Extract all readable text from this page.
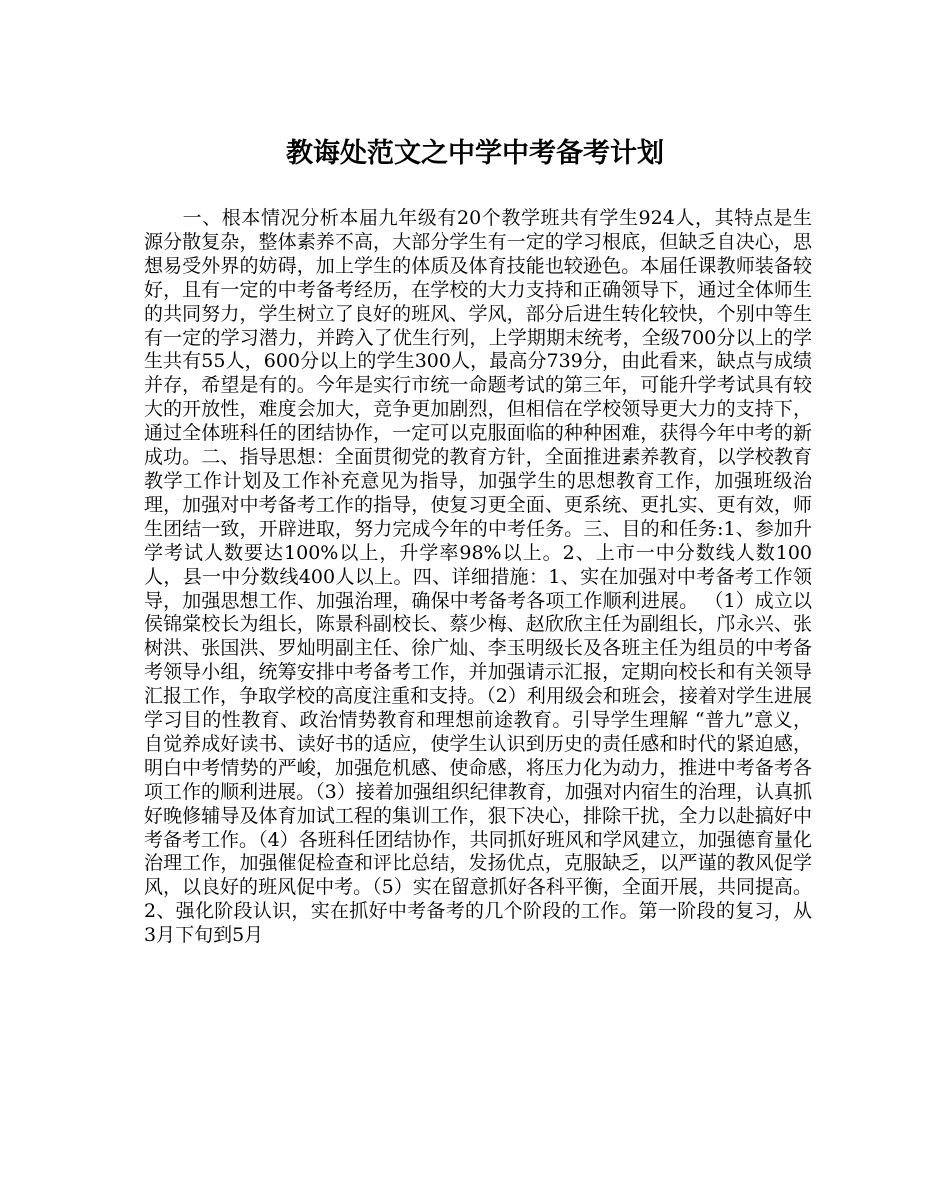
教诲处范文之中学中考备考计划

一、根本情况分析本届九年级有20个教学班共有学生924人，其特点是生源分散复杂，整体素养不高，大部分学生有一定的学习根底，但缺乏自决心，思想易受外界的妨碍，加上学生的体质及体育技能也较逊色。本届任课教师装备较好，且有一定的中考备考经历，在学校的大力支持和正确领导下，通过全体师生的共同努力，学生树立了良好的班风、学风，部分后进生转化较快，个别中等生有一定的学习潜力，并跨入了优生行列，上学期期末统考，全级700分以上的学生共有55人，600分以上的学生300人，最高分739分，由此看来，缺点与成绩并存，希望是有的。今年是实行市统一命题考试的第三年，可能升学考试具有较大的开放性，难度会加大，竞争更加剧烈，但相信在学校领导更大力的支持下，通过全体班科任的团结协作，一定可以克服面临的种种困难，获得今年中考的新成功。二、指导思想：全面贯彻党的教育方针，全面推进素养教育，以学校教育教学工作计划及工作补充意见为指导，加强学生的思想教育工作，加强班级治理，加强对中考备考工作的指导，使复习更全面、更系统、更扎实、更有效，师生团结一致，开辟进取，努力完成今年的中考任务。三、目的和任务:1、参加升学考试人数要达100%以上，升学率98%以上。2、上市一中分数线人数100人，县一中分数线400人以上。四、详细措施：1、实在加强对中考备考工作领导，加强思想工作、加强治理，确保中考备考各项工作顺利进展。 （1）成立以侯锦棠校长为组长，陈景科副校长、蔡少梅、赵欣欣主任为副组长，邝永兴、张树洪、张国洪、罗灿明副主任、徐广灿、李玉明级长及各班主任为组员的中考备考领导小组，统筹安排中考备考工作，并加强请示汇报，定期向校长和有关领导汇报工作，争取学校的高度注重和支持。（2）利用级会和班会，接着对学生进展学习目的性教育、政治情势教育和理想前途教育。引导学生理解 “普九”意义，自觉养成好读书、读好书的适应，使学生认识到历史的责任感和时代的紧迫感，明白中考情势的严峻，加强危机感、使命感，将压力化为动力，推进中考备考各项工作的顺利进展。（3）接着加强组织纪律教育，加强对内宿生的治理，认真抓好晚修辅导及体育加试工程的集训工作，狠下决心，排除干扰，全力以赴搞好中考备考工作。（4）各班科任团结协作，共同抓好班风和学风建立，加强德育量化治理工作，加强催促检查和评比总结，发扬优点，克服缺乏，以严谨的教风促学风，以良好的班风促中考。（5）实在留意抓好各科平衡，全面开展，共同提高。2、强化阶段认识，实在抓好中考备考的几个阶段的工作。第一阶段的复习，从3月下旬到5月
